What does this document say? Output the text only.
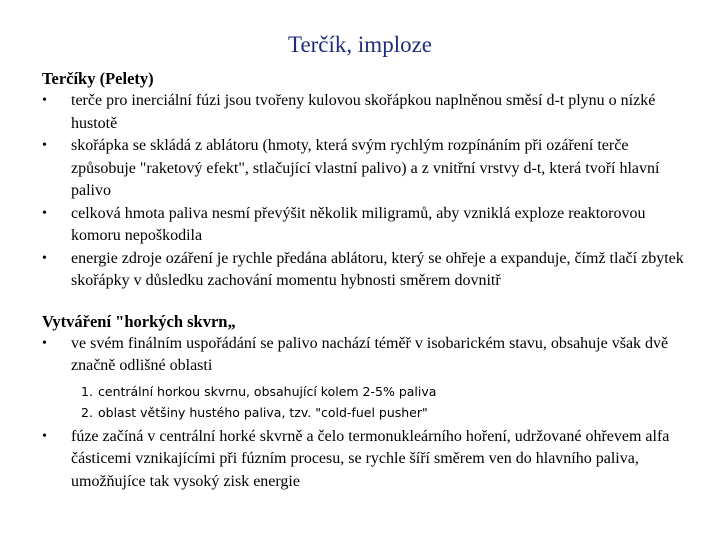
Terčík, imploze

Terčíky (Pelety)

•	terče pro inerciální fúzi jsou tvořeny kulovou skořápkou naplněnou směsí d-t plynu o nízké hustotě
•	skořápka se skládá z ablátoru (hmoty, která svým rychlým rozpínáním při ozáření terče způsobuje "raketový efekt", stlačující vlastní palivo) a z vnitřní vrstvy d-t, která tvoří hlavní palivo
•	celková hmota paliva nesmí převýšit několik miligramů, aby vzniklá exploze reaktorovou komoru nepoškodila
•	energie zdroje ozáření je rychle předána ablátoru, který se ohřeje a expanduje, čímž tlačí zbytek skořápky v důsledku zachování momentu hybnosti směrem dovnitř

Vytváření "horkých skvrn„

•	ve svém finálním uspořádání se palivo nachází téměř v isobarickém stavu, obsahuje však dvě značně odlišné oblasti
1. centrální horkou skvrnu, obsahující kolem 2-5% paliva
2. oblast většiny hustého paliva, tzv. "cold-fuel pusher"
•	fúze začíná v centrální horké skvrně a čelo termonukleárního hoření, udržované ohřevem alfa částicemi vznikajícími při fúzním procesu, se rychle šíří směrem ven do hlavního paliva, umožňujíce tak vysoký zisk energie
